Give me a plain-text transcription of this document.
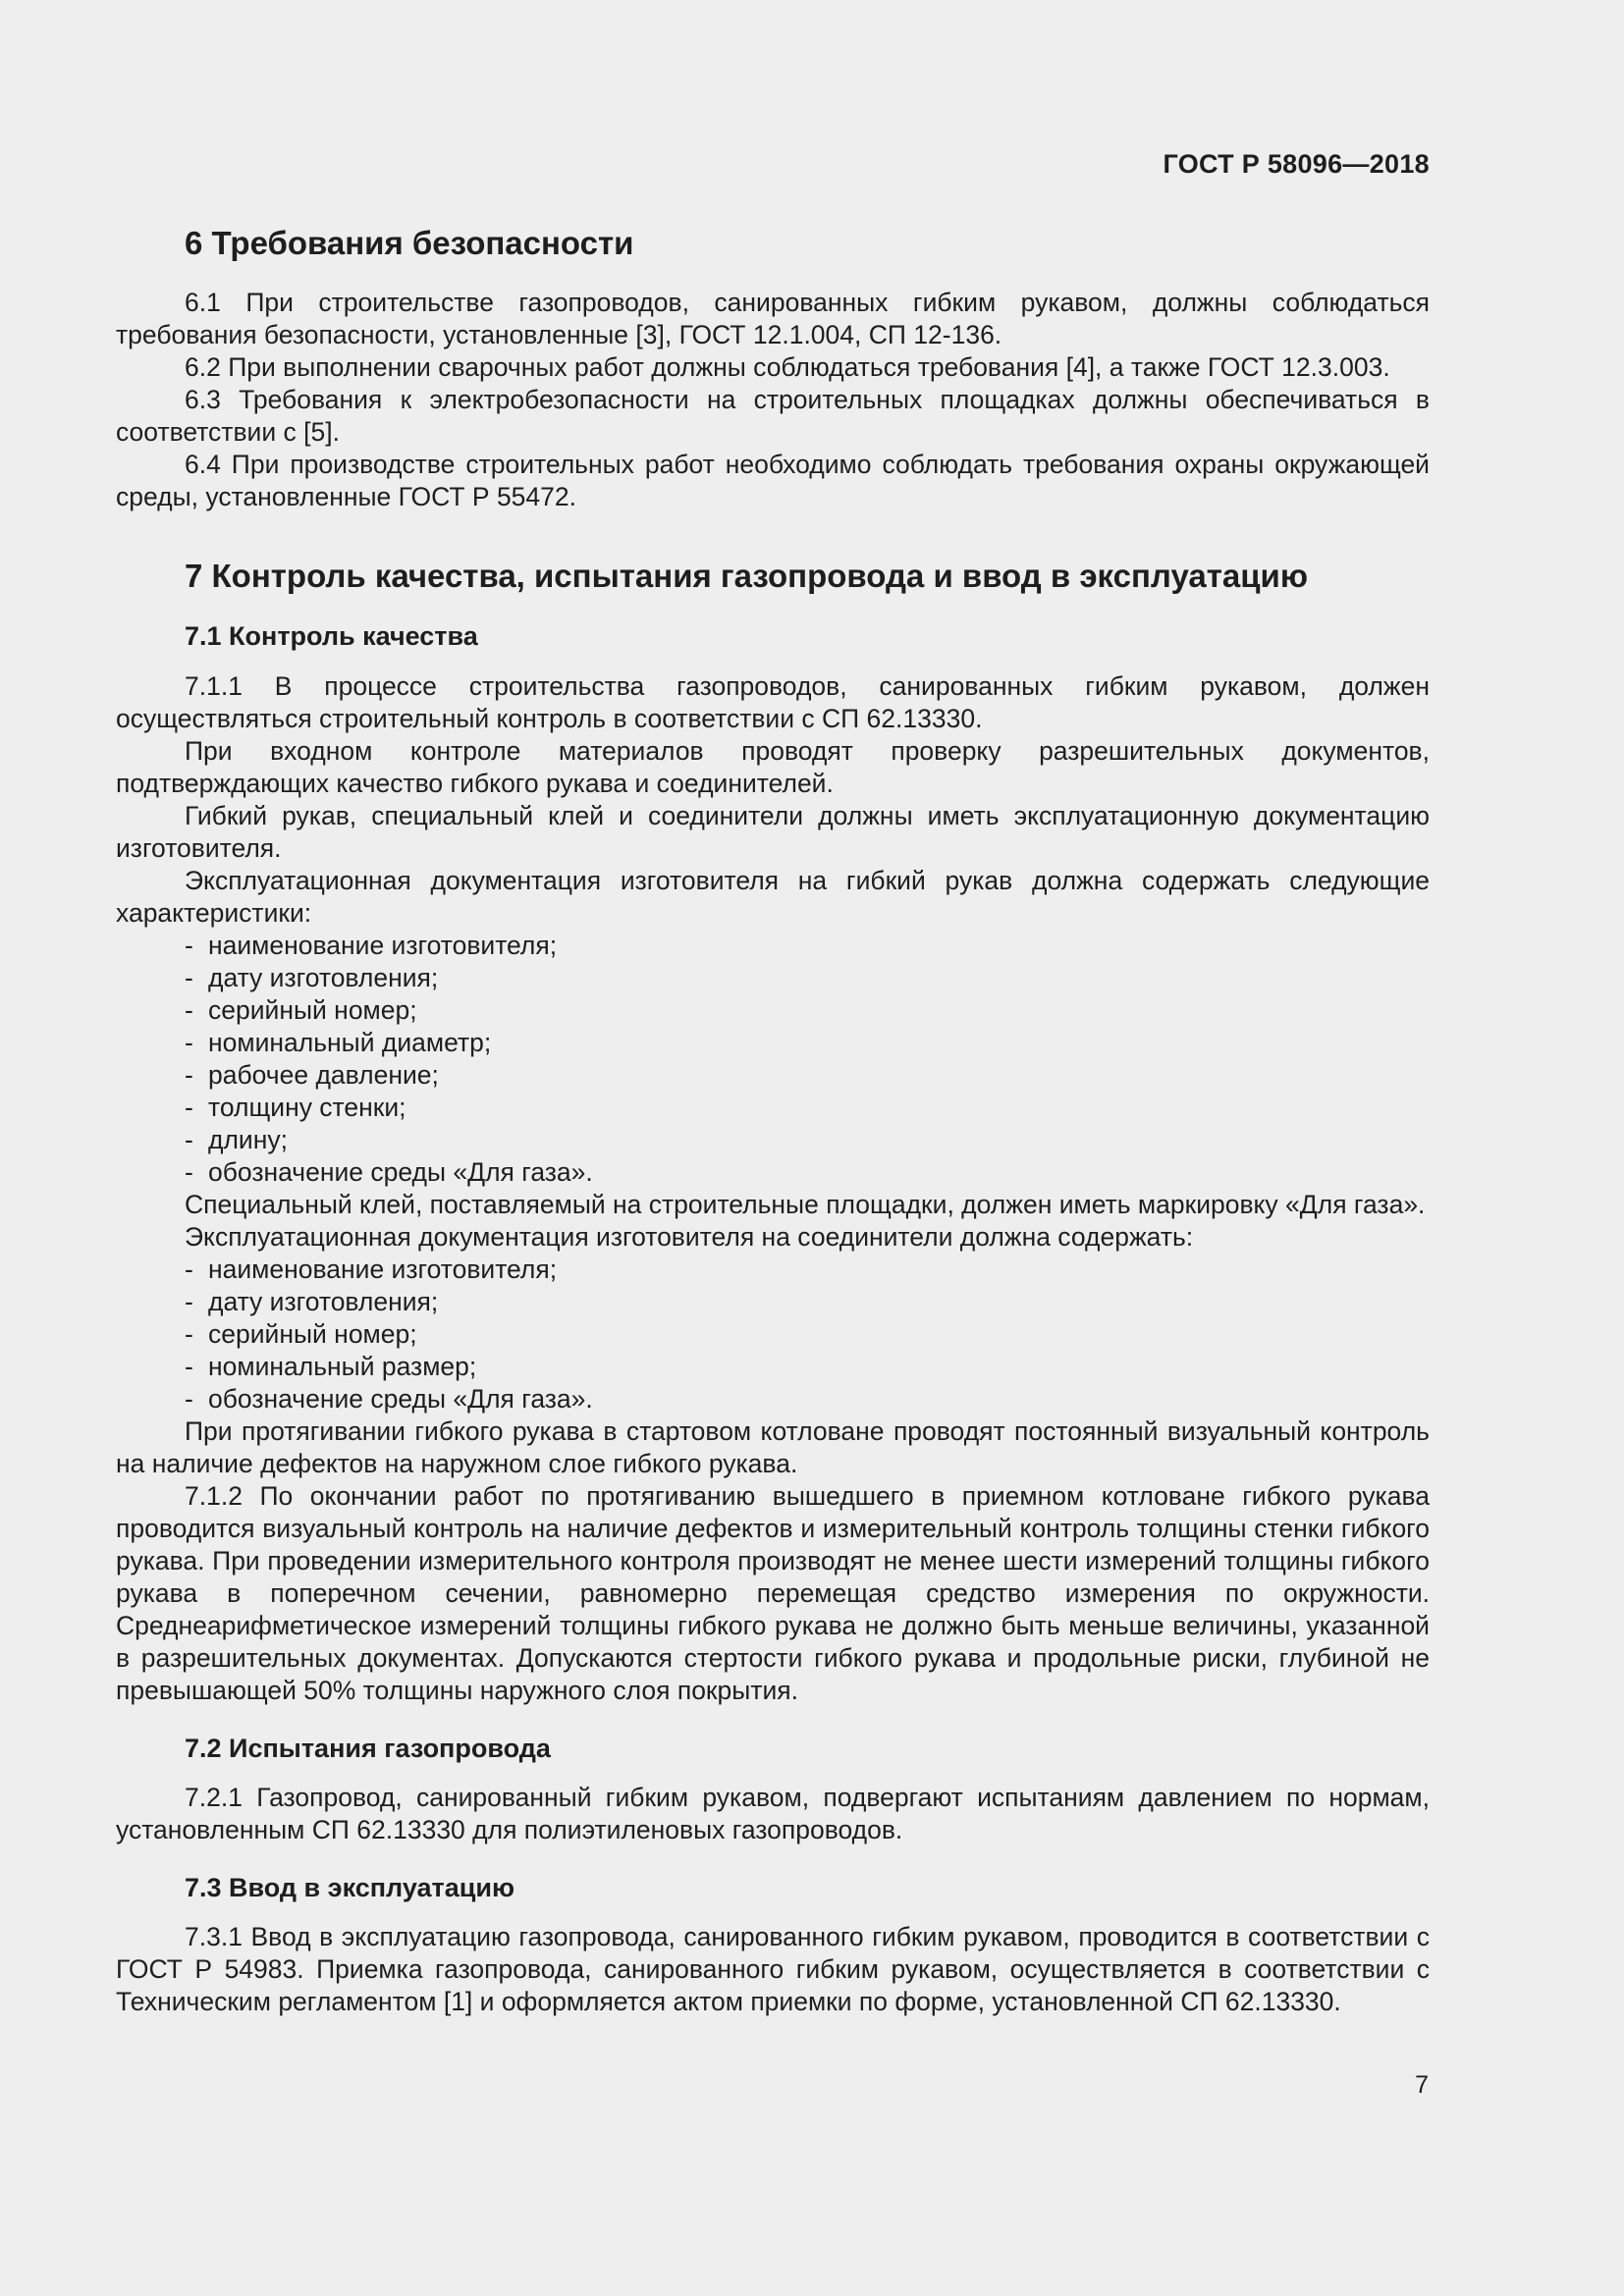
ГОСТ Р 58096—2018
6 Требования безопасности

6.1 При строительстве газопроводов, санированных гибким рукавом, должны соблюдаться требования безопасности, установленные [3], ГОСТ 12.1.004, СП 12-136.

6.2 При выполнении сварочных работ должны соблюдаться требования [4], а также ГОСТ 12.3.003.

6.3 Требования к электробезопасности на строительных площадках должны обеспечиваться в соответствии с [5].

6.4 При производстве строительных работ необходимо соблюдать требования охраны окружающей среды, установленные ГОСТ Р 55472.

7 Контроль качества, испытания газопровода и ввод в эксплуатацию
7.1 Контроль качества

7.1.1 В процессе строительства газопроводов, санированных гибким рукавом, должен осуществляться строительный контроль в соответствии с СП 62.13330.

При входном контроле материалов проводят проверку разрешительных документов, подтверждающих качество гибкого рукава и соединителей.

Гибкий рукав, специальный клей и соединители должны иметь эксплуатационную документацию изготовителя.

Эксплуатационная документация изготовителя на гибкий рукав должна содержать следующие характеристики:

- наименование изготовителя;
- дату изготовления;
- серийный номер;
- номинальный диаметр;
- рабочее давление;
- толщину стенки;
- длину;
- обозначение среды «Для газа».

Специальный клей, поставляемый на строительные площадки, должен иметь маркировку «Для газа».

Эксплуатационная документация изготовителя на соединители должна содержать:

- наименование изготовителя;
- дату изготовления;
- серийный номер;
- номинальный размер;
- обозначение среды «Для газа».

При протягивании гибкого рукава в стартовом котловане проводят постоянный визуальный контроль на наличие дефектов на наружном слое гибкого рукава.

7.1.2 По окончании работ по протягиванию вышедшего в приемном котловане гибкого рукава проводится визуальный контроль на наличие дефектов и измерительный контроль толщины стенки гибкого рукава. При проведении измерительного контроля производят не менее шести измерений толщины гибкого рукава в поперечном сечении, равномерно перемещая средство измерения по окружности. Среднеарифметическое измерений толщины гибкого рукава не должно быть меньше величины, указанной в разрешительных документах. Допускаются стертости гибкого рукава и продольные риски, глубиной не превышающей 50% толщины наружного слоя покрытия.

7.2 Испытания газопровода

7.2.1 Газопровод, санированный гибким рукавом, подвергают испытаниям давлением по нормам, установленным СП 62.13330 для полиэтиленовых газопроводов.

7.3 Ввод в эксплуатацию

7.3.1 Ввод в эксплуатацию газопровода, санированного гибким рукавом, проводится в соответствии с ГОСТ Р 54983. Приемка газопровода, санированного гибким рукавом, осуществляется в соответствии с Техническим регламентом [1] и оформляется актом приемки по форме, установленной СП 62.13330.

7
